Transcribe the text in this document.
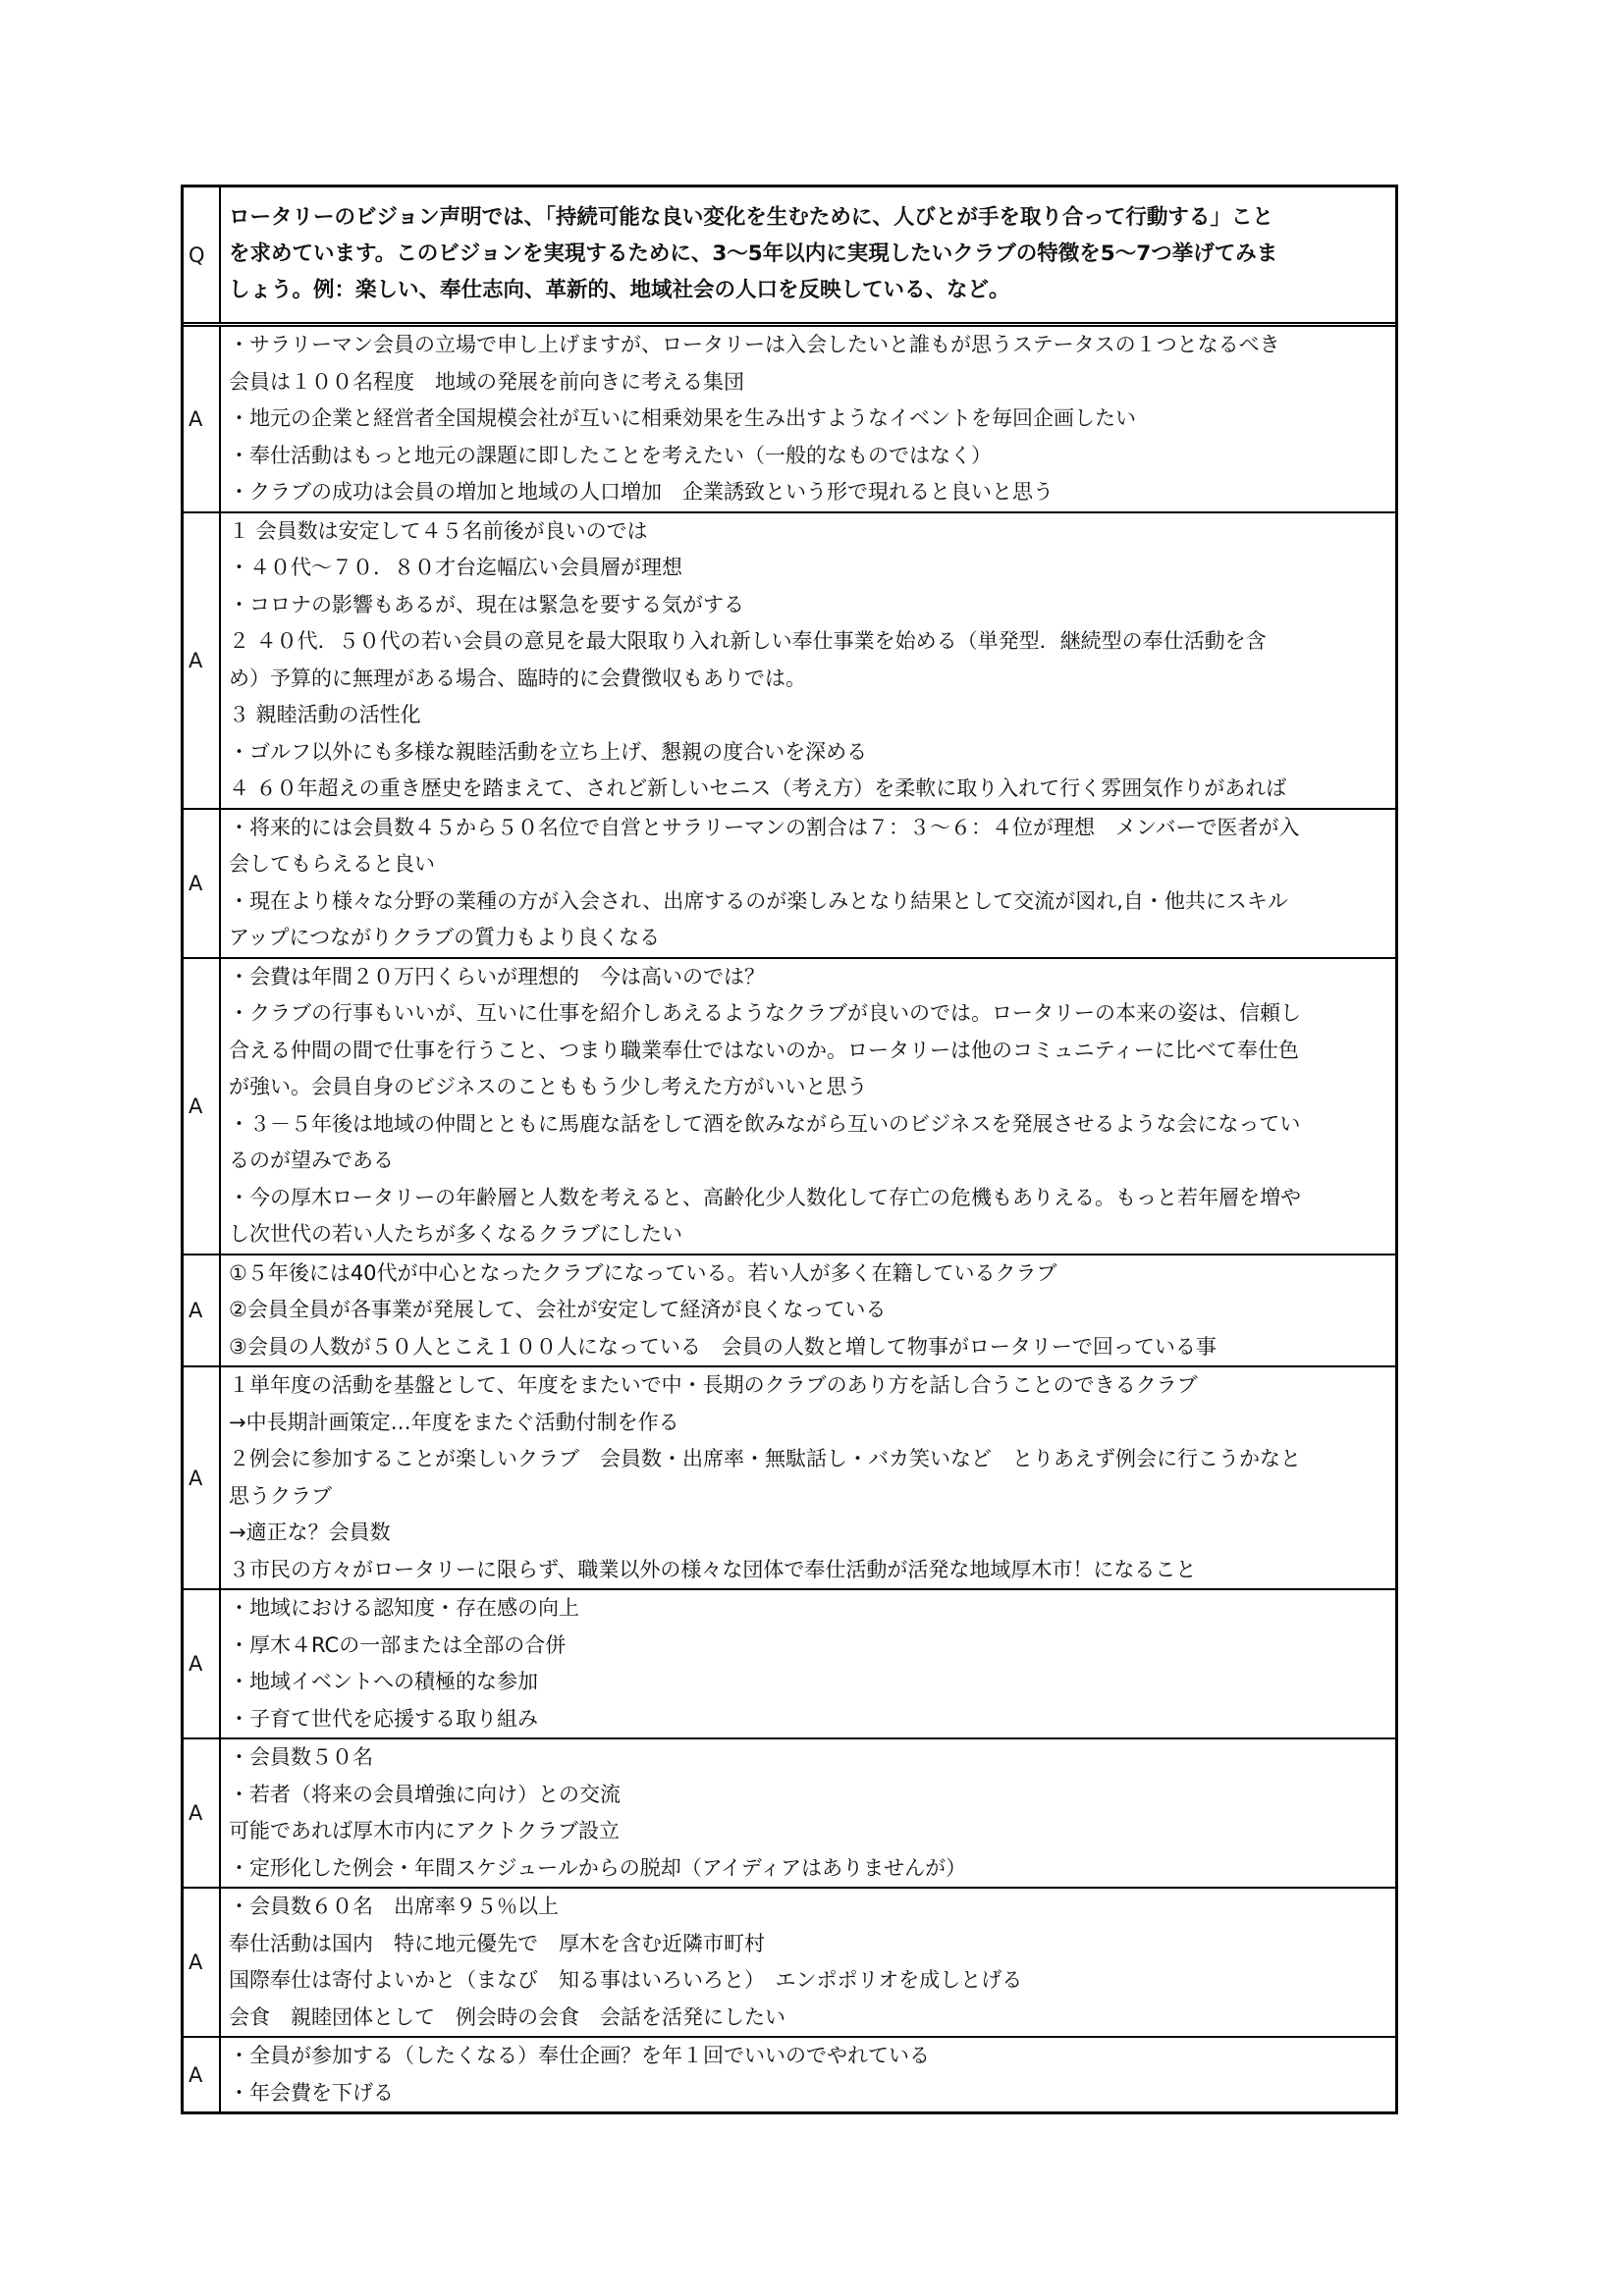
Q
ロータリーのビジョン声明では、「持続可能な良い変化を生むために、人びとが手を取り合って行動する」こと
を求めています。このビジョンを実現するために、3～5年以内に実現したいクラブの特徴を5～7つ挙げてみま
しょう。例：楽しい、奉仕志向、革新的、地域社会の人口を反映している、など。
A
・サラリーマン会員の立場で申し上げますが、ロータリーは入会したいと誰もが思うステータスの１つとなるべき
会員は１００名程度　地域の発展を前向きに考える集団
・地元の企業と経営者全国規模会社が互いに相乗効果を生み出すようなイベントを毎回企画したい
・奉仕活動はもっと地元の課題に即したことを考えたい（一般的なものではなく）
・クラブの成功は会員の増加と地域の人口増加　企業誘致という形で現れると良いと思う
A
１ 会員数は安定して４５名前後が良いのでは
・４０代～７０．８０才台迄幅広い会員層が理想
・コロナの影響もあるが、現在は緊急を要する気がする
２ ４０代．５０代の若い会員の意見を最大限取り入れ新しい奉仕事業を始める（単発型．継続型の奉仕活動を含
め）予算的に無理がある場合、臨時的に会費徴収もありでは。
３ 親睦活動の活性化
・ゴルフ以外にも多様な親睦活動を立ち上げ、懇親の度合いを深める
４ ６０年超えの重き歴史を踏まえて、されど新しいセニス（考え方）を柔軟に取り入れて行く雰囲気作りがあれば
A
・将来的には会員数４５から５０名位で自営とサラリーマンの割合は７：３～６：４位が理想　メンバーで医者が入
会してもらえると良い
・現在より様々な分野の業種の方が入会され、出席するのが楽しみとなり結果として交流が図れ,自・他共にスキル
アップにつながりクラブの質力もより良くなる
A
・会費は年間２０万円くらいが理想的　今は高いのでは？
・クラブの行事もいいが、互いに仕事を紹介しあえるようなクラブが良いのでは。ロータリーの本来の姿は、信頼し
合える仲間の間で仕事を行うこと、つまり職業奉仕ではないのか。ロータリーは他のコミュニティーに比べて奉仕色
が強い。会員自身のビジネスのことももう少し考えた方がいいと思う
・３－５年後は地域の仲間とともに馬鹿な話をして酒を飲みながら互いのビジネスを発展させるような会になってい
るのが望みである
・今の厚木ロータリーの年齢層と人数を考えると、高齢化少人数化して存亡の危機もありえる。もっと若年層を増や
し次世代の若い人たちが多くなるクラブにしたい
A
①５年後には40代が中心となったクラブになっている。若い人が多く在籍しているクラブ
②会員全員が各事業が発展して、会社が安定して経済が良くなっている
③会員の人数が５０人とこえ１００人になっている　会員の人数と増して物事がロータリーで回っている事
A
１単年度の活動を基盤として、年度をまたいで中・長期のクラブのあり方を話し合うことのできるクラブ
→中長期計画策定…年度をまたぐ活動付制を作る
２例会に参加することが楽しいクラブ　会員数・出席率・無駄話し・バカ笑いなど　とりあえず例会に行こうかなと
思うクラブ
→適正な？会員数
３市民の方々がロータリーに限らず、職業以外の様々な団体で奉仕活動が活発な地域厚木市！になること
A
・地域における認知度・存在感の向上
・厚木４RCの一部または全部の合併
・地域イベントへの積極的な参加
・子育て世代を応援する取り組み
A
・会員数５０名
・若者（将来の会員増強に向け）との交流
可能であれば厚木市内にアクトクラブ設立
・定形化した例会・年間スケジュールからの脱却（アイディアはありませんが）
A
・会員数６０名　出席率９５％以上
奉仕活動は国内　特に地元優先で　厚木を含む近隣市町村
国際奉仕は寄付よいかと（まなび　知る事はいろいろと）　エンポポリオを成しとげる
会食　親睦団体として　例会時の会食　会話を活発にしたい
A
・全員が参加する（したくなる）奉仕企画？を年１回でいいのでやれている
・年会費を下げる
